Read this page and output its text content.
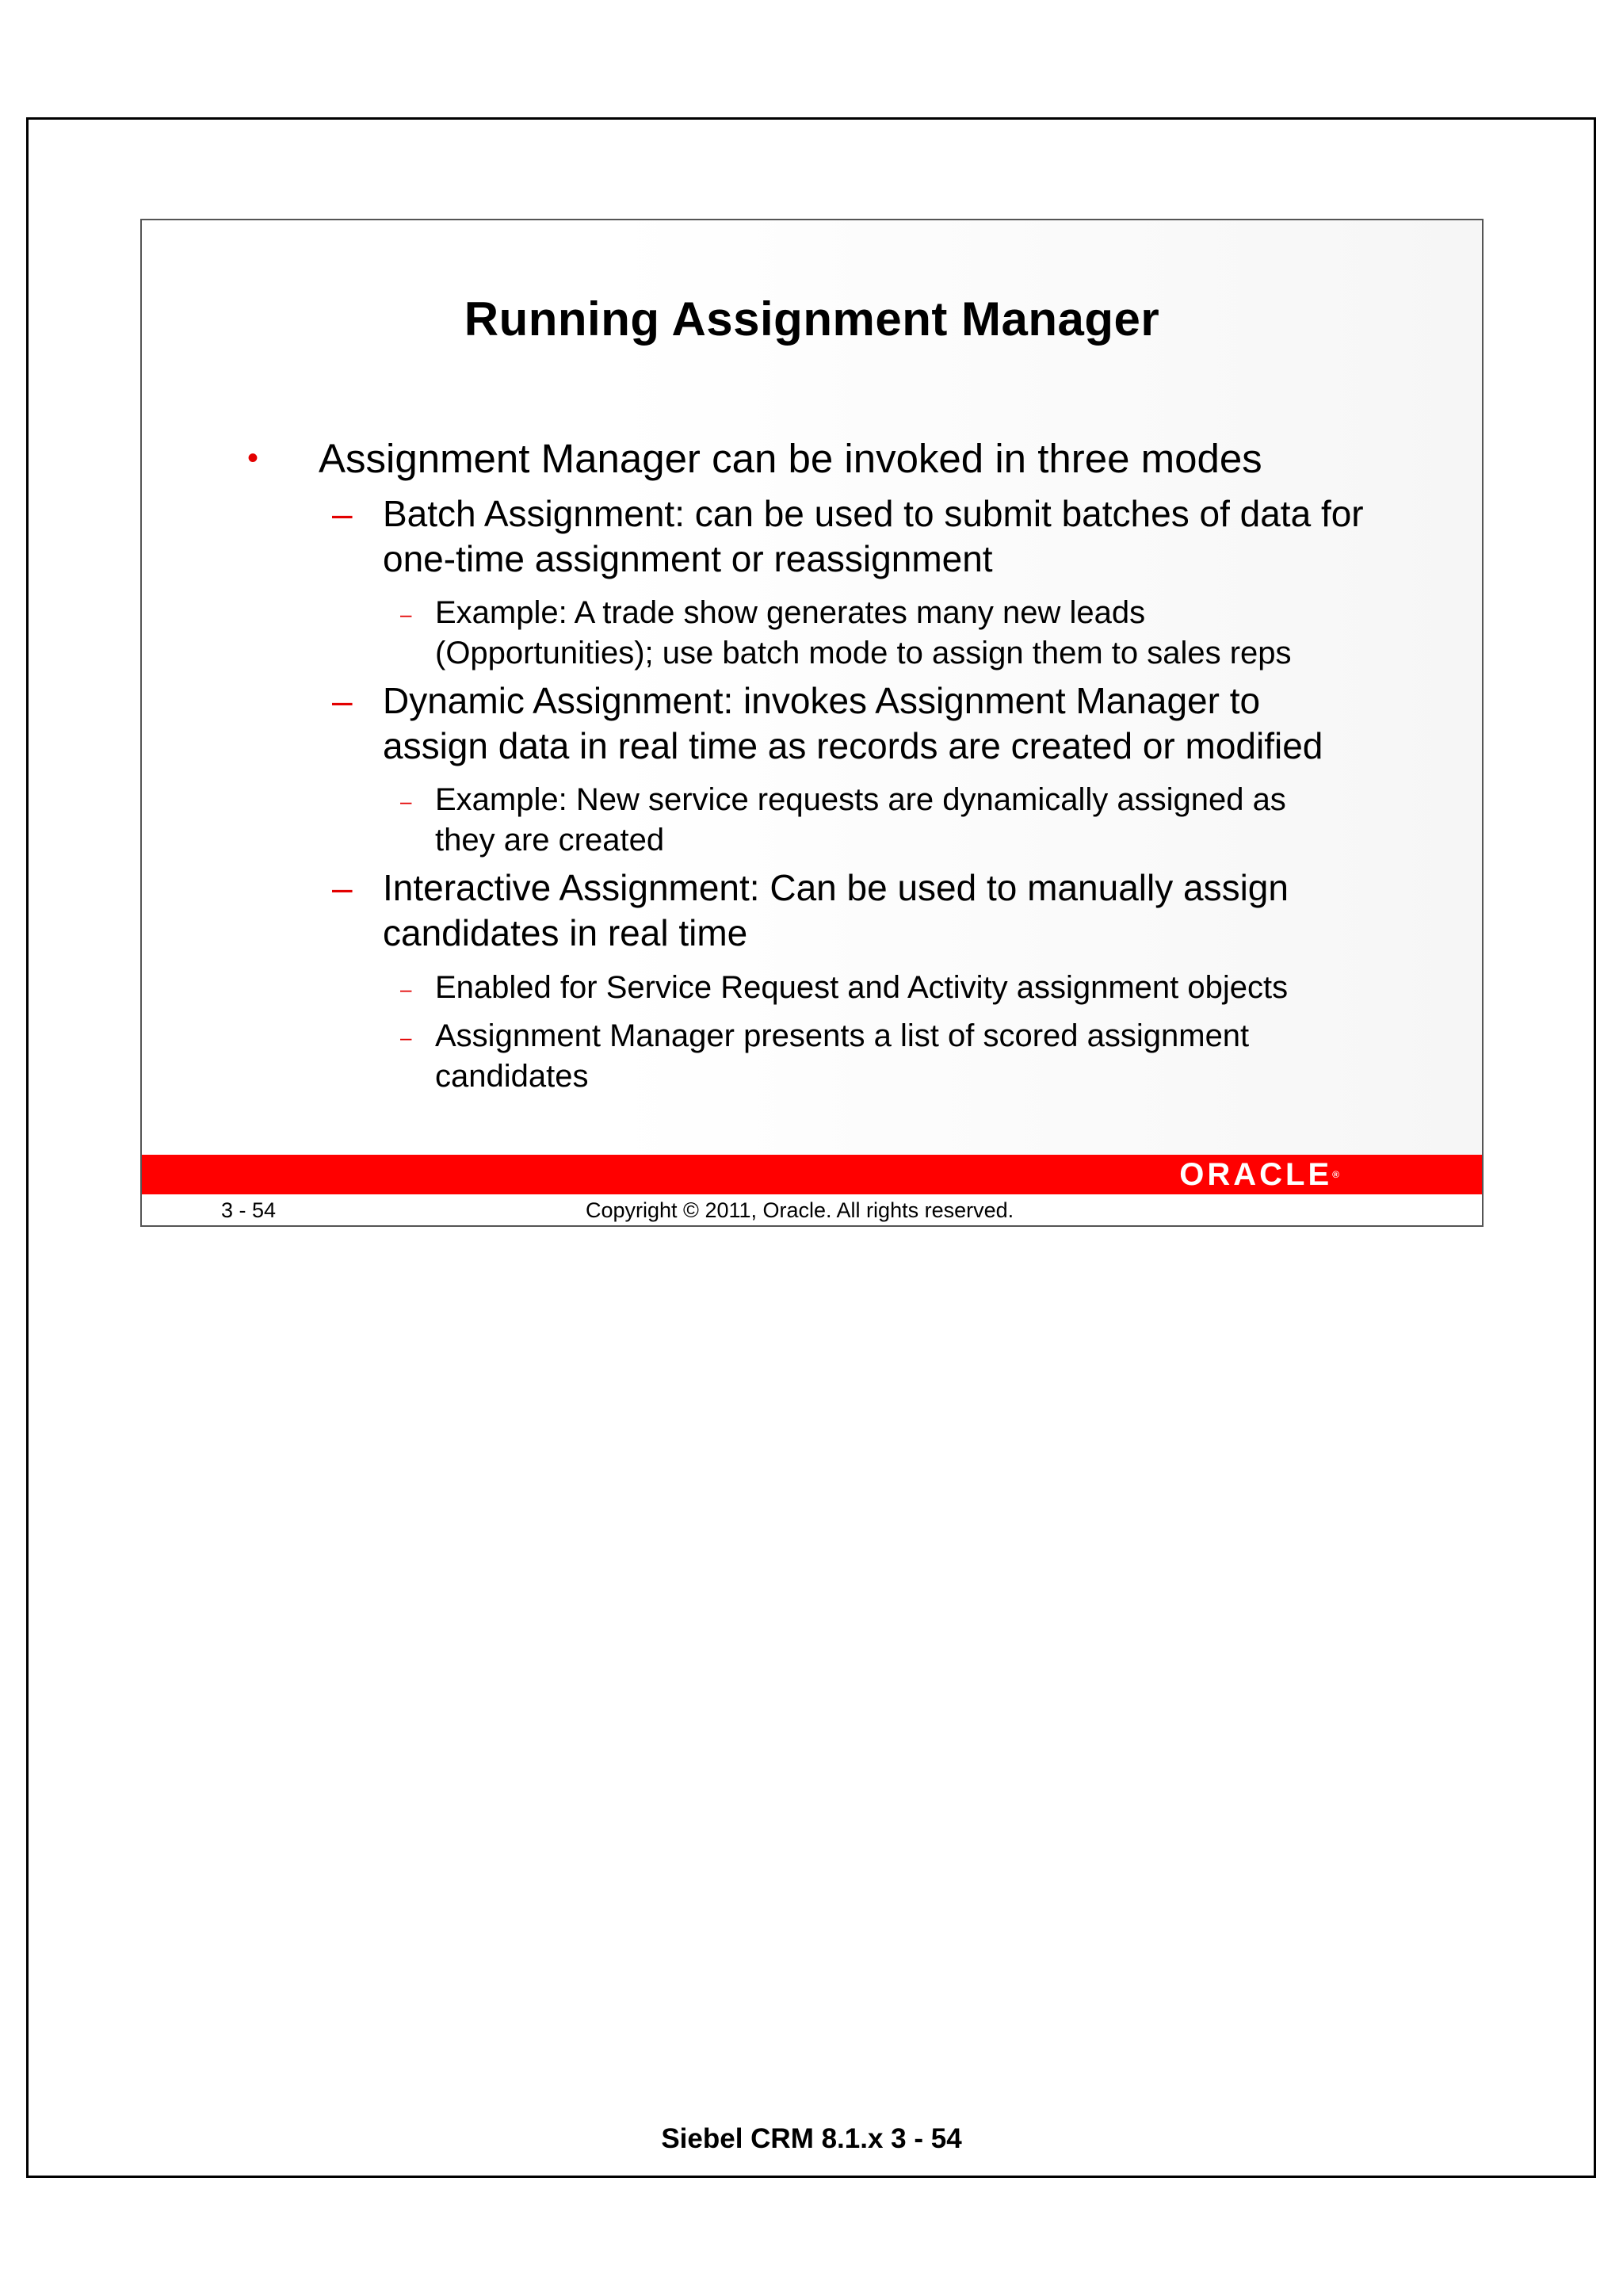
Running Assignment Manager
• Assignment Manager can be invoked in three modes
– Batch Assignment: can be used to submit batches of data for
one-time assignment or reassignment
– Example: A trade show generates many new leads
(Opportunities); use batch mode to assign them to sales reps
– Dynamic Assignment: invokes Assignment Manager to
assign data in real time as records are created or modified
– Example: New service requests are dynamically assigned as
they are created
– Interactive Assignment: Can be used to manually assign
candidates in real time
– Enabled for Service Request and Activity assignment objects
– Assignment Manager presents a list of scored assignment
candidates
ORACLE®
3 - 54	Copyright © 2011, Oracle. All rights reserved.
Siebel CRM 8.1.x 3 - 54
